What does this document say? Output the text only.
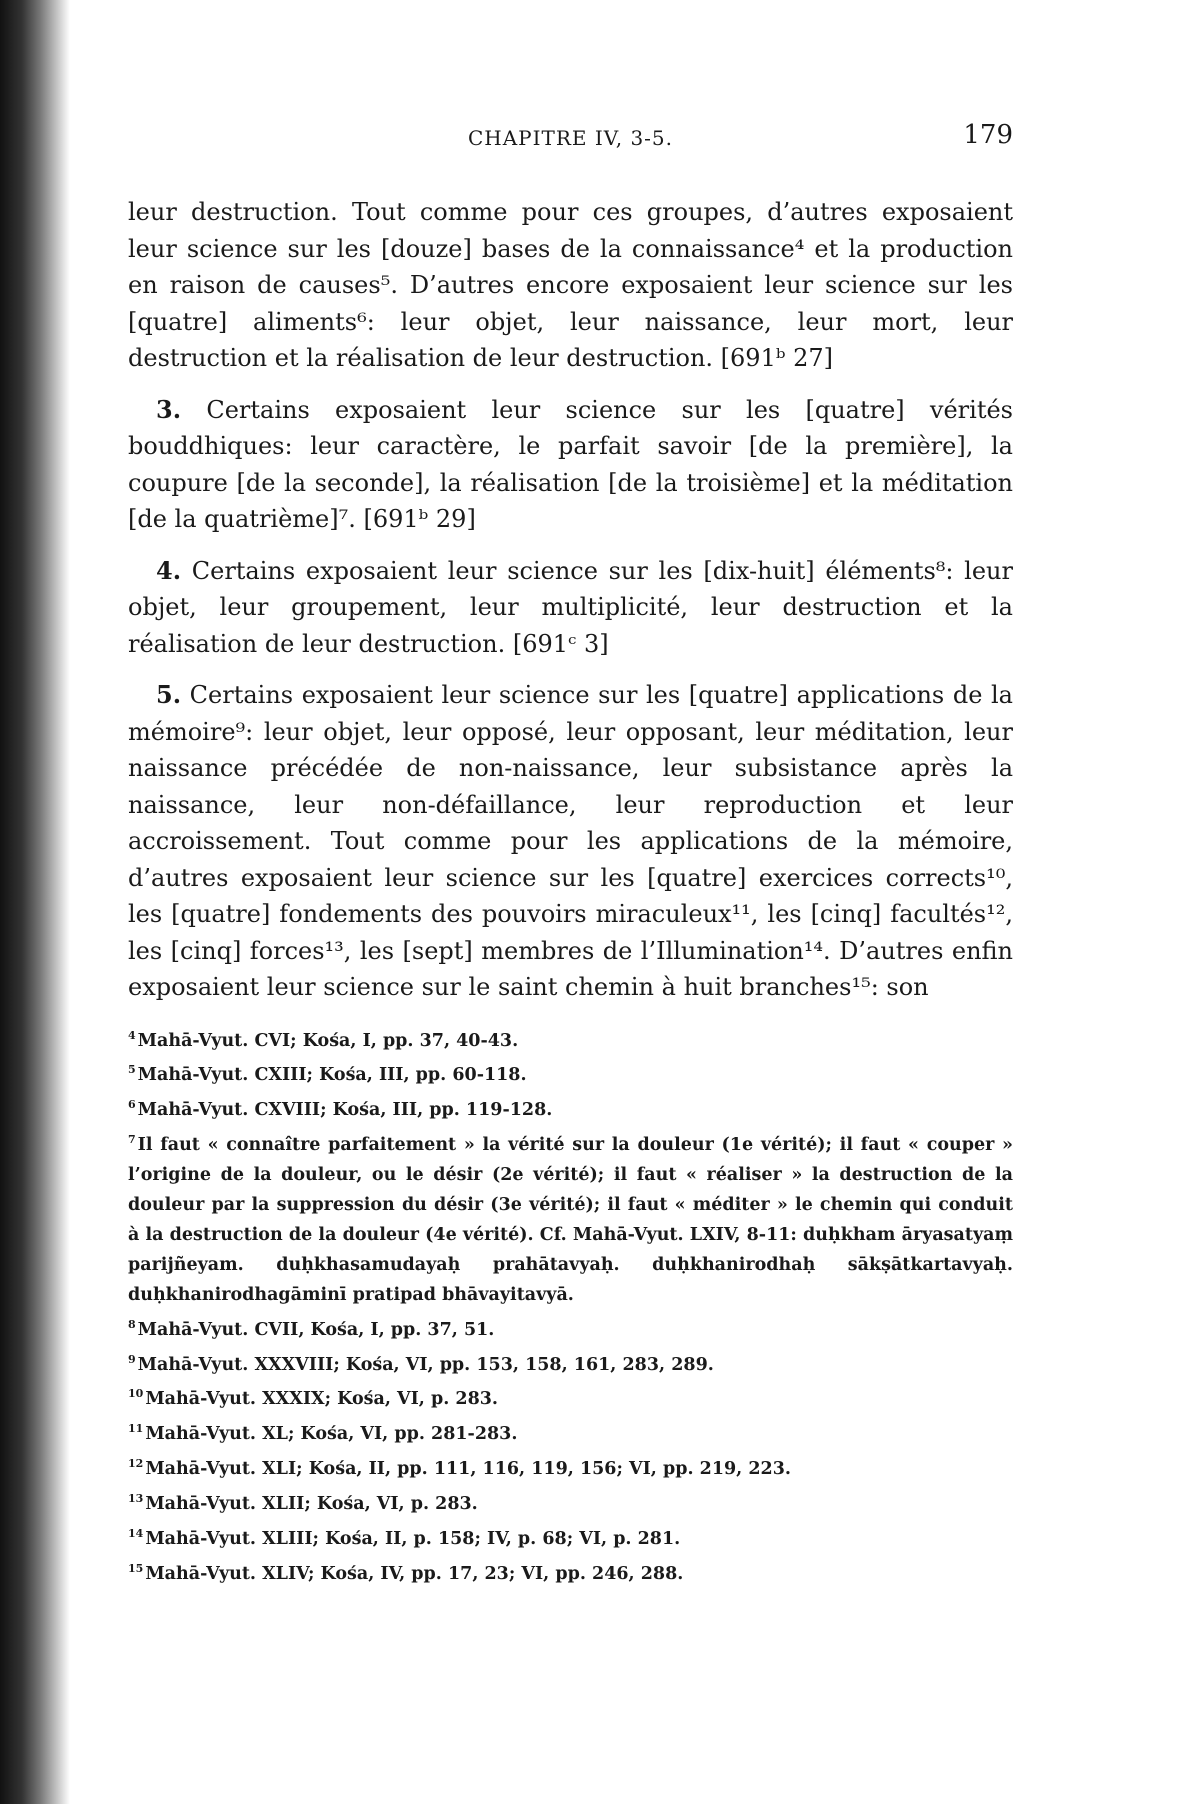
CHAPITRE IV, 3-5.	179

leur destruction. Tout comme pour ces groupes, d’autres exposaient leur science sur les [douze] bases de la connaissance⁴ et la production en raison de causes⁵. D’autres encore exposaient leur science sur les [quatre] aliments⁶: leur objet, leur naissance, leur mort, leur destruction et la réalisation de leur destruction. [691ᵇ 27]

3. Certains exposaient leur science sur les [quatre] vérités bouddhiques: leur caractère, le parfait savoir [de la première], la coupure [de la seconde], la réalisation [de la troisième] et la méditation [de la quatrième]⁷. [691ᵇ 29]

4. Certains exposaient leur science sur les [dix-huit] éléments⁸: leur objet, leur groupement, leur multiplicité, leur destruction et la réalisation de leur destruction. [691ᶜ 3]

5. Certains exposaient leur science sur les [quatre] applications de la mémoire⁹: leur objet, leur opposé, leur opposant, leur méditation, leur naissance précédée de non-naissance, leur subsistance après la naissance, leur non-défaillance, leur reproduction et leur accroissement. Tout comme pour les applications de la mémoire, d’autres exposaient leur science sur les [quatre] exercices corrects¹⁰, les [quatre] fondements des pouvoirs miraculeux¹¹, les [cinq] facultés¹², les [cinq] forces¹³, les [sept] membres de l’Illumination¹⁴. D’autres enfin exposaient leur science sur le saint chemin à huit branches¹⁵: son

$^4$ Mahā-Vyut. CVI; Kośa, I, pp. 37, 40-43.

$^5$ Mahā-Vyut. CXIII; Kośa, III, pp. 60-118.

$^6$ Mahā-Vyut. CXVIII; Kośa, III, pp. 119-128.

$^7$ Il faut « connaître parfaitement » la vérité sur la douleur (1e vérité); il faut « couper » l’origine de la douleur, ou le désir (2e vérité); il faut « réaliser » la destruction de la douleur par la suppression du désir (3e vérité); il faut « méditer » le chemin qui conduit à la destruction de la douleur (4e vérité). Cf. Mahā-Vyut. LXIV, 8-11: duḥkham āryasatyaṃ parijñeyam. duḥkhasamudayaḥ prahātavyaḥ. duḥkhanirodhaḥ sākṣātkartavyaḥ. duḥkhanirodhagāminī pratipad bhāvayitavyā.

$^8$ Mahā-Vyut. CVII, Kośa, I, pp. 37, 51.

$^9$ Mahā-Vyut. XXXVIII; Kośa, VI, pp. 153, 158, 161, 283, 289.

$^{10}$ Mahā-Vyut. XXXIX; Kośa, VI, p. 283.

$^{11}$ Mahā-Vyut. XL; Kośa, VI, pp. 281-283.

$^{12}$ Mahā-Vyut. XLI; Kośa, II, pp. 111, 116, 119, 156; VI, pp. 219, 223.

$^{13}$ Mahā-Vyut. XLII; Kośa, VI, p. 283.

$^{14}$ Mahā-Vyut. XLIII; Kośa, II, p. 158; IV, p. 68; VI, p. 281.

$^{15}$ Mahā-Vyut. XLIV; Kośa, IV, pp. 17, 23; VI, pp. 246, 288.
